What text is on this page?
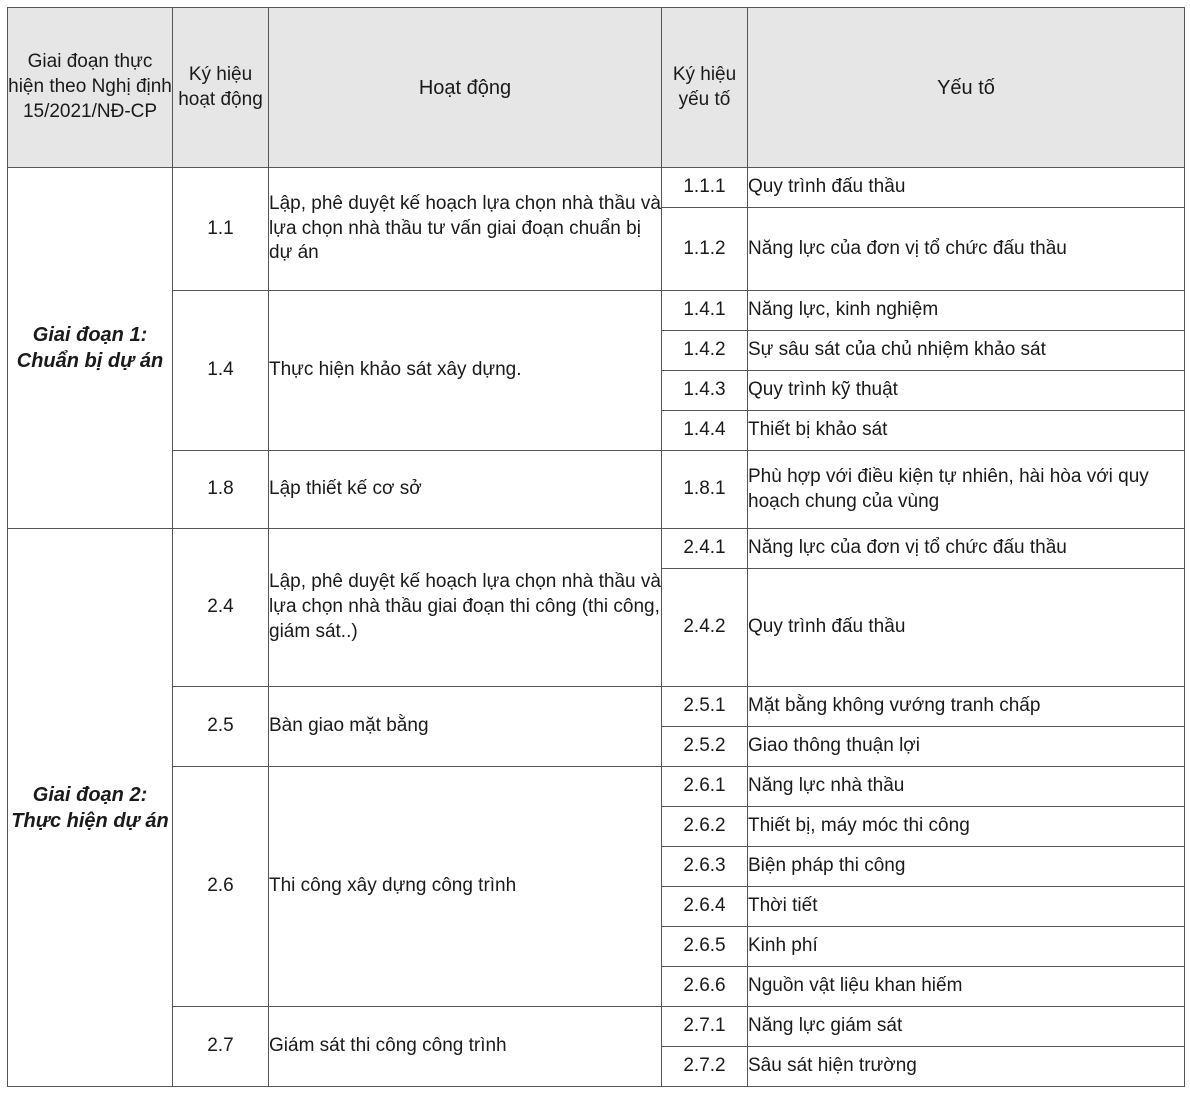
Giai đoạn thực hiện theo Nghị định 15/2021/NĐ-CP	Ký hiệu hoạt động	Hoạt động	Ký hiệu yếu tố	Yếu tố

Giai đoạn 1:
Chuẩn bị dự án	1.1	Lập, phê duyệt kế hoạch lựa chọn nhà thầu và lựa chọn nhà thầu tư vấn giai đoạn chuẩn bị dự án	1.1.1	Quy trình đấu thầu
			1.1.2	Năng lực của đơn vị tổ chức đấu thầu
	1.4	Thực hiện khảo sát xây dựng.	1.4.1	Năng lực, kinh nghiệm
			1.4.2	Sự sâu sát của chủ nhiệm khảo sát
			1.4.3	Quy trình kỹ thuật
			1.4.4	Thiết bị khảo sát
	1.8	Lập thiết kế cơ sở	1.8.1	Phù hợp với điều kiện tự nhiên, hài hòa với quy hoạch chung của vùng

Giai đoạn 2:
Thực hiện dự án	2.4	Lập, phê duyệt kế hoạch lựa chọn nhà thầu và lựa chọn nhà thầu giai đoạn thi công (thi công, giám sát..)	2.4.1	Năng lực của đơn vị tổ chức đấu thầu
			2.4.2	Quy trình đấu thầu
	2.5	Bàn giao mặt bằng	2.5.1	Mặt bằng không vướng tranh chấp
			2.5.2	Giao thông thuận lợi
	2.6	Thi công xây dựng công trình	2.6.1	Năng lực nhà thầu
			2.6.2	Thiết bị, máy móc thi công
			2.6.3	Biện pháp thi công
			2.6.4	Thời tiết
			2.6.5	Kinh phí
			2.6.6	Nguồn vật liệu khan hiếm
	2.7	Giám sát thi công công trình	2.7.1	Năng lực giám sát
			2.7.2	Sâu sát hiện trường
